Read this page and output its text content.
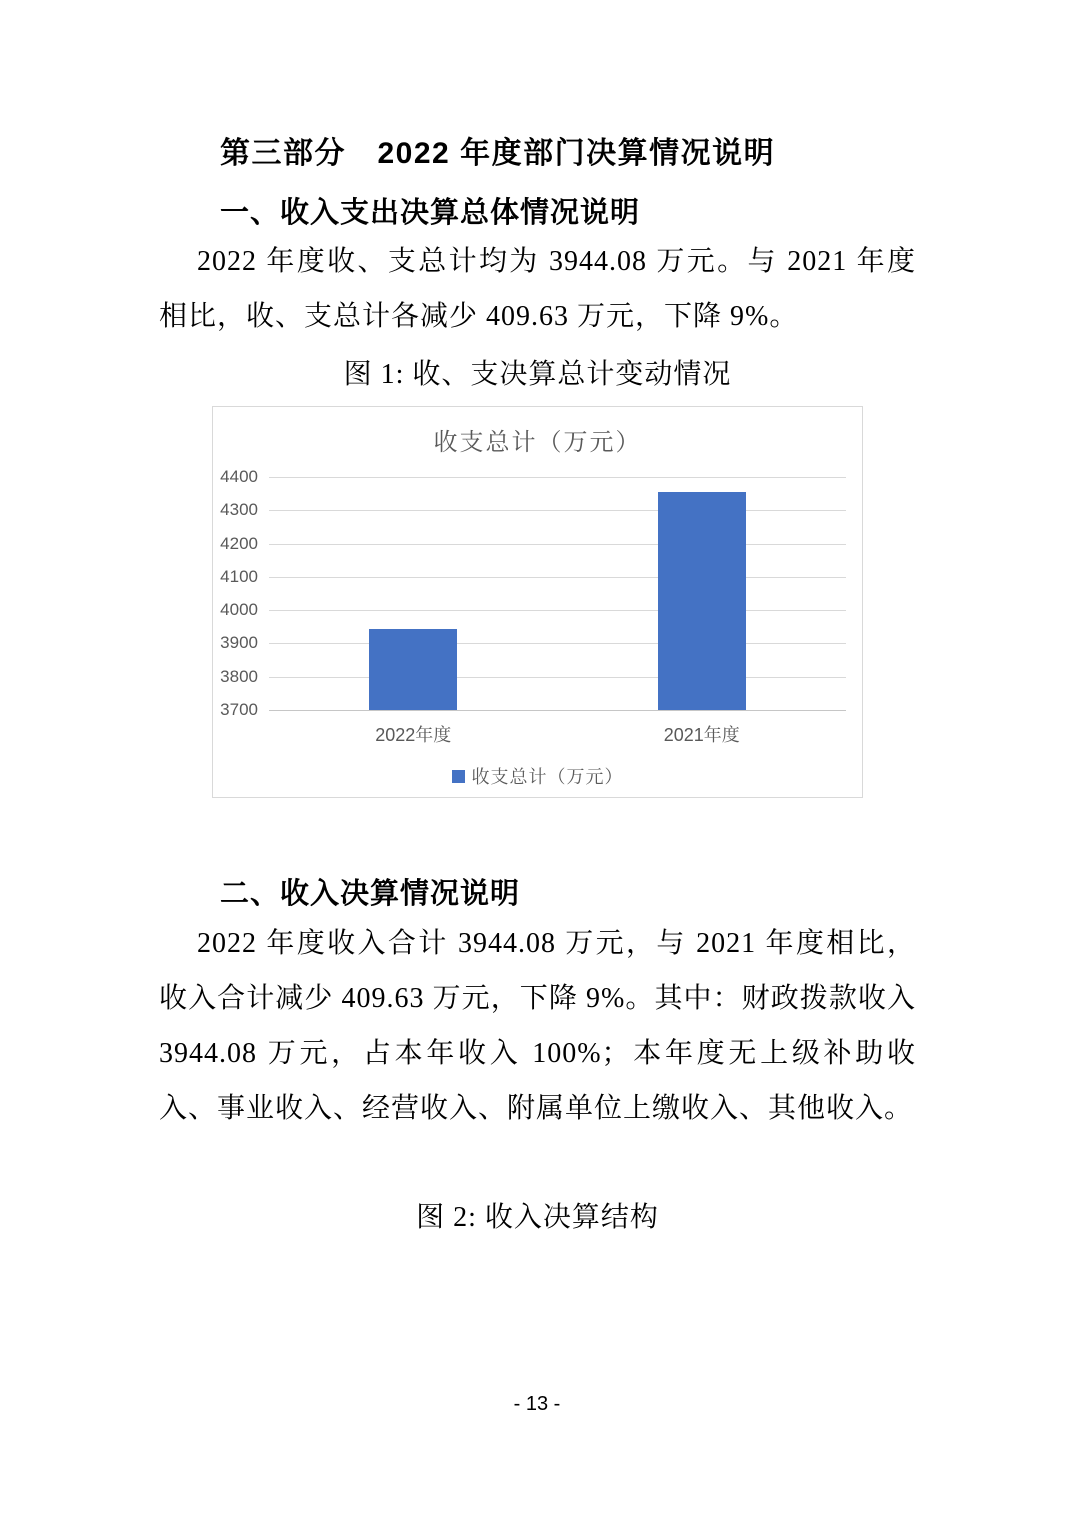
第三部分　2022 年度部门决算情况说明
一、收入支出决算总体情况说明

2022 年度收、支总计均为 3944.08 万元。与 2021 年度相比，收、支总计各减少 409.63 万元，下降 9%。

图 1: 收、支决算总计变动情况
收支总计（万元）
4400
4300
4200
4100
4000
3900
3800
3700
2022年度	2021年度
收支总计（万元）
二、收入决算情况说明

2022 年度收入合计 3944.08 万元，与 2021 年度相比，收入合计减少 409.63 万元，下降 9%。其中：财政拨款收入 3944.08 万元，占本年收入 100%；本年度无上级补助收入、事业收入、经营收入、附属单位上缴收入、其他收入。

图 2: 收入决算结构
- 13 -
